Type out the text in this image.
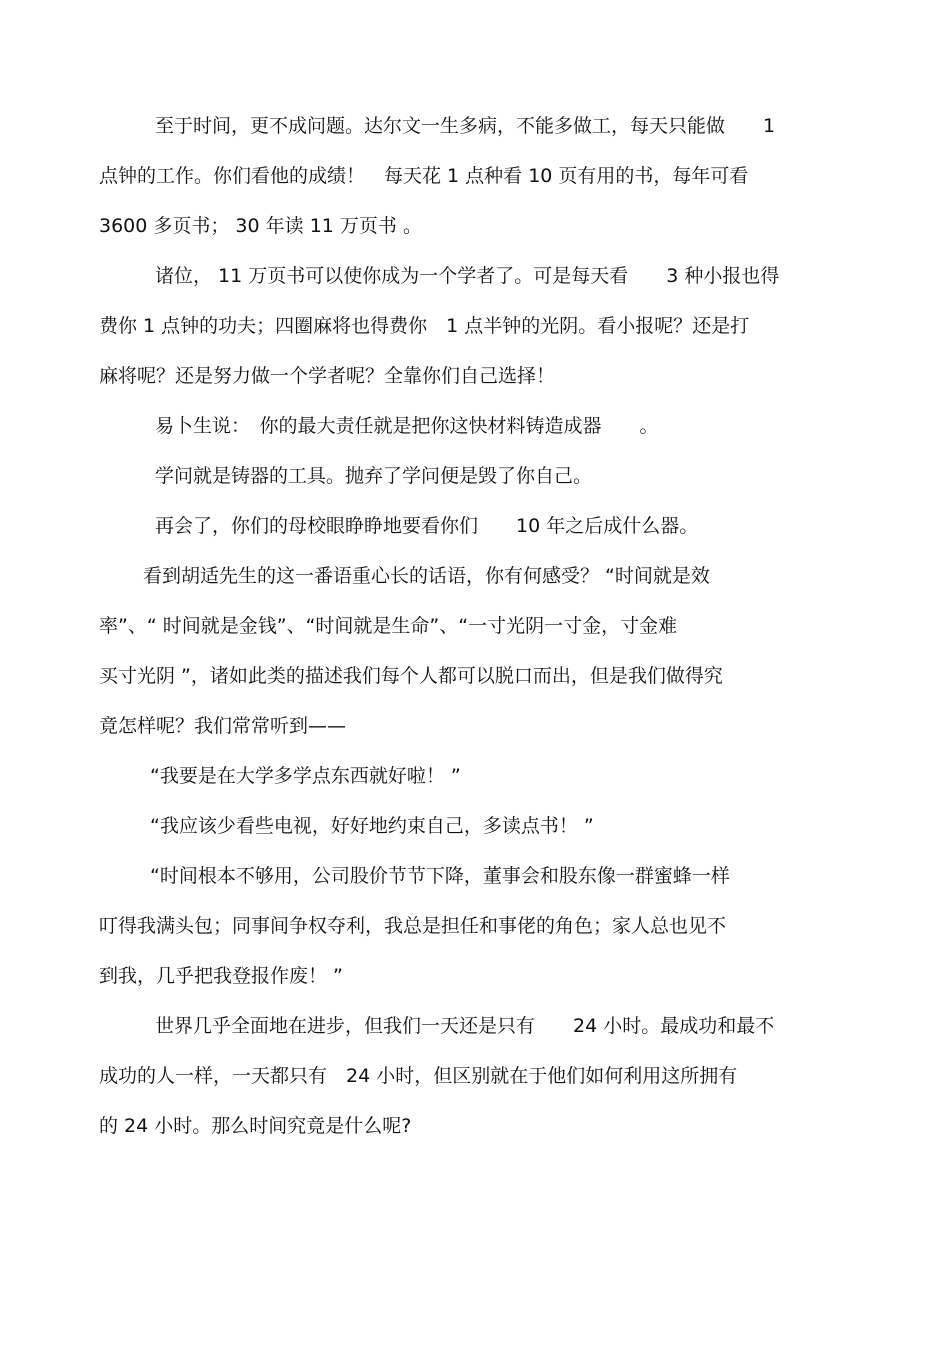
至于时间，更不成问题。达尔文一生多病，不能多做工，每天只能做　　1
点钟的工作。你们看他的成绩！　每天花 1 点种看 10 页有用的书，每年可看
3600 多页书； 30 年读 11 万页书 。
诸位， 11 万页书可以使你成为一个学者了。可是每天看　　3 种小报也得
费你 1 点钟的功夫；四圈麻将也得费你　1 点半钟的光阴。看小报呢？还是打
麻将呢？还是努力做一个学者呢？全靠你们自己选择！
易卜生说：　你的最大责任就是把你这快材料铸造成器　　。
学问就是铸器的工具。抛弃了学问便是毁了你自己。
再会了，你们的母校眼睁睁地要看你们　　10 年之后成什么器。
看到胡适先生的这一番语重心长的话语，你有何感受？ “时间就是效
率”、“ 时间就是金钱”、“时间就是生命”、“一寸光阴一寸金，寸金难
买寸光阴 ”，诸如此类的描述我们每个人都可以脱口而出，但是我们做得究
竟怎样呢？我们常常听到——
“我要是在大学多学点东西就好啦！ ”
“我应该少看些电视，好好地约束自己，多读点书！ ”
“时间根本不够用，公司股价节节下降，董事会和股东像一群蜜蜂一样
叮得我满头包；同事间争权夺利，我总是担任和事佬的角色；家人总也见不
到我，几乎把我登报作废！ ”
世界几乎全面地在进步，但我们一天还是只有　　24 小时。最成功和最不
成功的人一样，一天都只有　24 小时，但区别就在于他们如何利用这所拥有
的 24 小时。那么时间究竟是什么呢?
